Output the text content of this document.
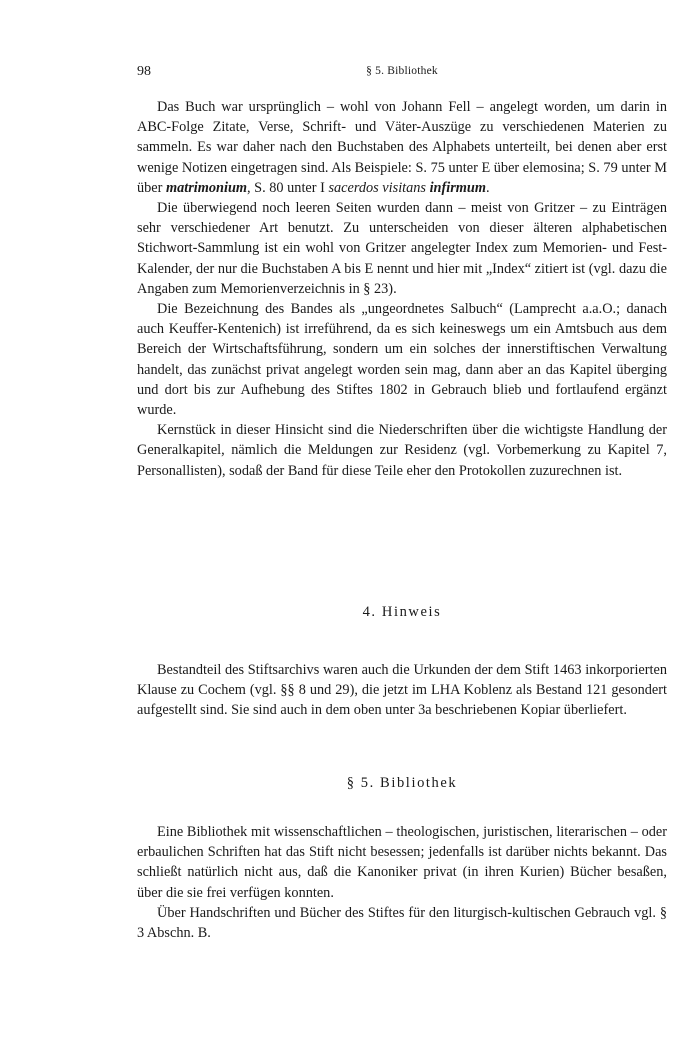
98	§ 5. Bibliothek

Das Buch war ursprünglich – wohl von Johann Fell – angelegt worden, um darin in ABC-Folge Zitate, Verse, Schrift- und Väter-Auszüge zu verschiedenen Materien zu sammeln. Es war daher nach den Buchstaben des Alphabets unterteilt, bei denen aber erst wenige Notizen eingetragen sind. Als Beispiele: S. 75 unter E über elemosina; S. 79 unter M über matrimonium, S. 80 unter I sacerdos visitans infirmum.

Die überwiegend noch leeren Seiten wurden dann – meist von Gritzer – zu Einträgen sehr verschiedener Art benutzt. Zu unterscheiden von dieser älteren alphabetischen Stichwort-Sammlung ist ein wohl von Gritzer angelegter Index zum Memorien- und Fest-Kalender, der nur die Buchstaben A bis E nennt und hier mit „Index“ zitiert ist (vgl. dazu die Angaben zum Memorienverzeichnis in § 23).

Die Bezeichnung des Bandes als „ungeordnetes Salbuch“ (Lamprecht a.a.O.; danach auch Keuffer-Kentenich) ist irreführend, da es sich keineswegs um ein Amtsbuch aus dem Bereich der Wirtschaftsführung, sondern um ein solches der innerstiftischen Verwaltung handelt, das zunächst privat angelegt worden sein mag, dann aber an das Kapitel überging und dort bis zur Aufhebung des Stiftes 1802 in Gebrauch blieb und fortlaufend ergänzt wurde.

Kernstück in dieser Hinsicht sind die Niederschriften über die wichtigste Handlung der Generalkapitel, nämlich die Meldungen zur Residenz (vgl. Vorbemerkung zu Kapitel 7, Personallisten), sodaß der Band für diese Teile eher den Protokollen zuzurechnen ist.

4. Hinweis

Bestandteil des Stiftsarchivs waren auch die Urkunden der dem Stift 1463 inkorporierten Klause zu Cochem (vgl. §§ 8 und 29), die jetzt im LHA Koblenz als Bestand 121 gesondert aufgestellt sind. Sie sind auch in dem oben unter 3a beschriebenen Kopiar überliefert.

§ 5. Bibliothek

Eine Bibliothek mit wissenschaftlichen – theologischen, juristischen, literarischen – oder erbaulichen Schriften hat das Stift nicht besessen; jedenfalls ist darüber nichts bekannt. Das schließt natürlich nicht aus, daß die Kanoniker privat (in ihren Kurien) Bücher besaßen, über die sie frei verfügen konnten.

Über Handschriften und Bücher des Stiftes für den liturgisch-kultischen Gebrauch vgl. § 3 Abschn. B.
